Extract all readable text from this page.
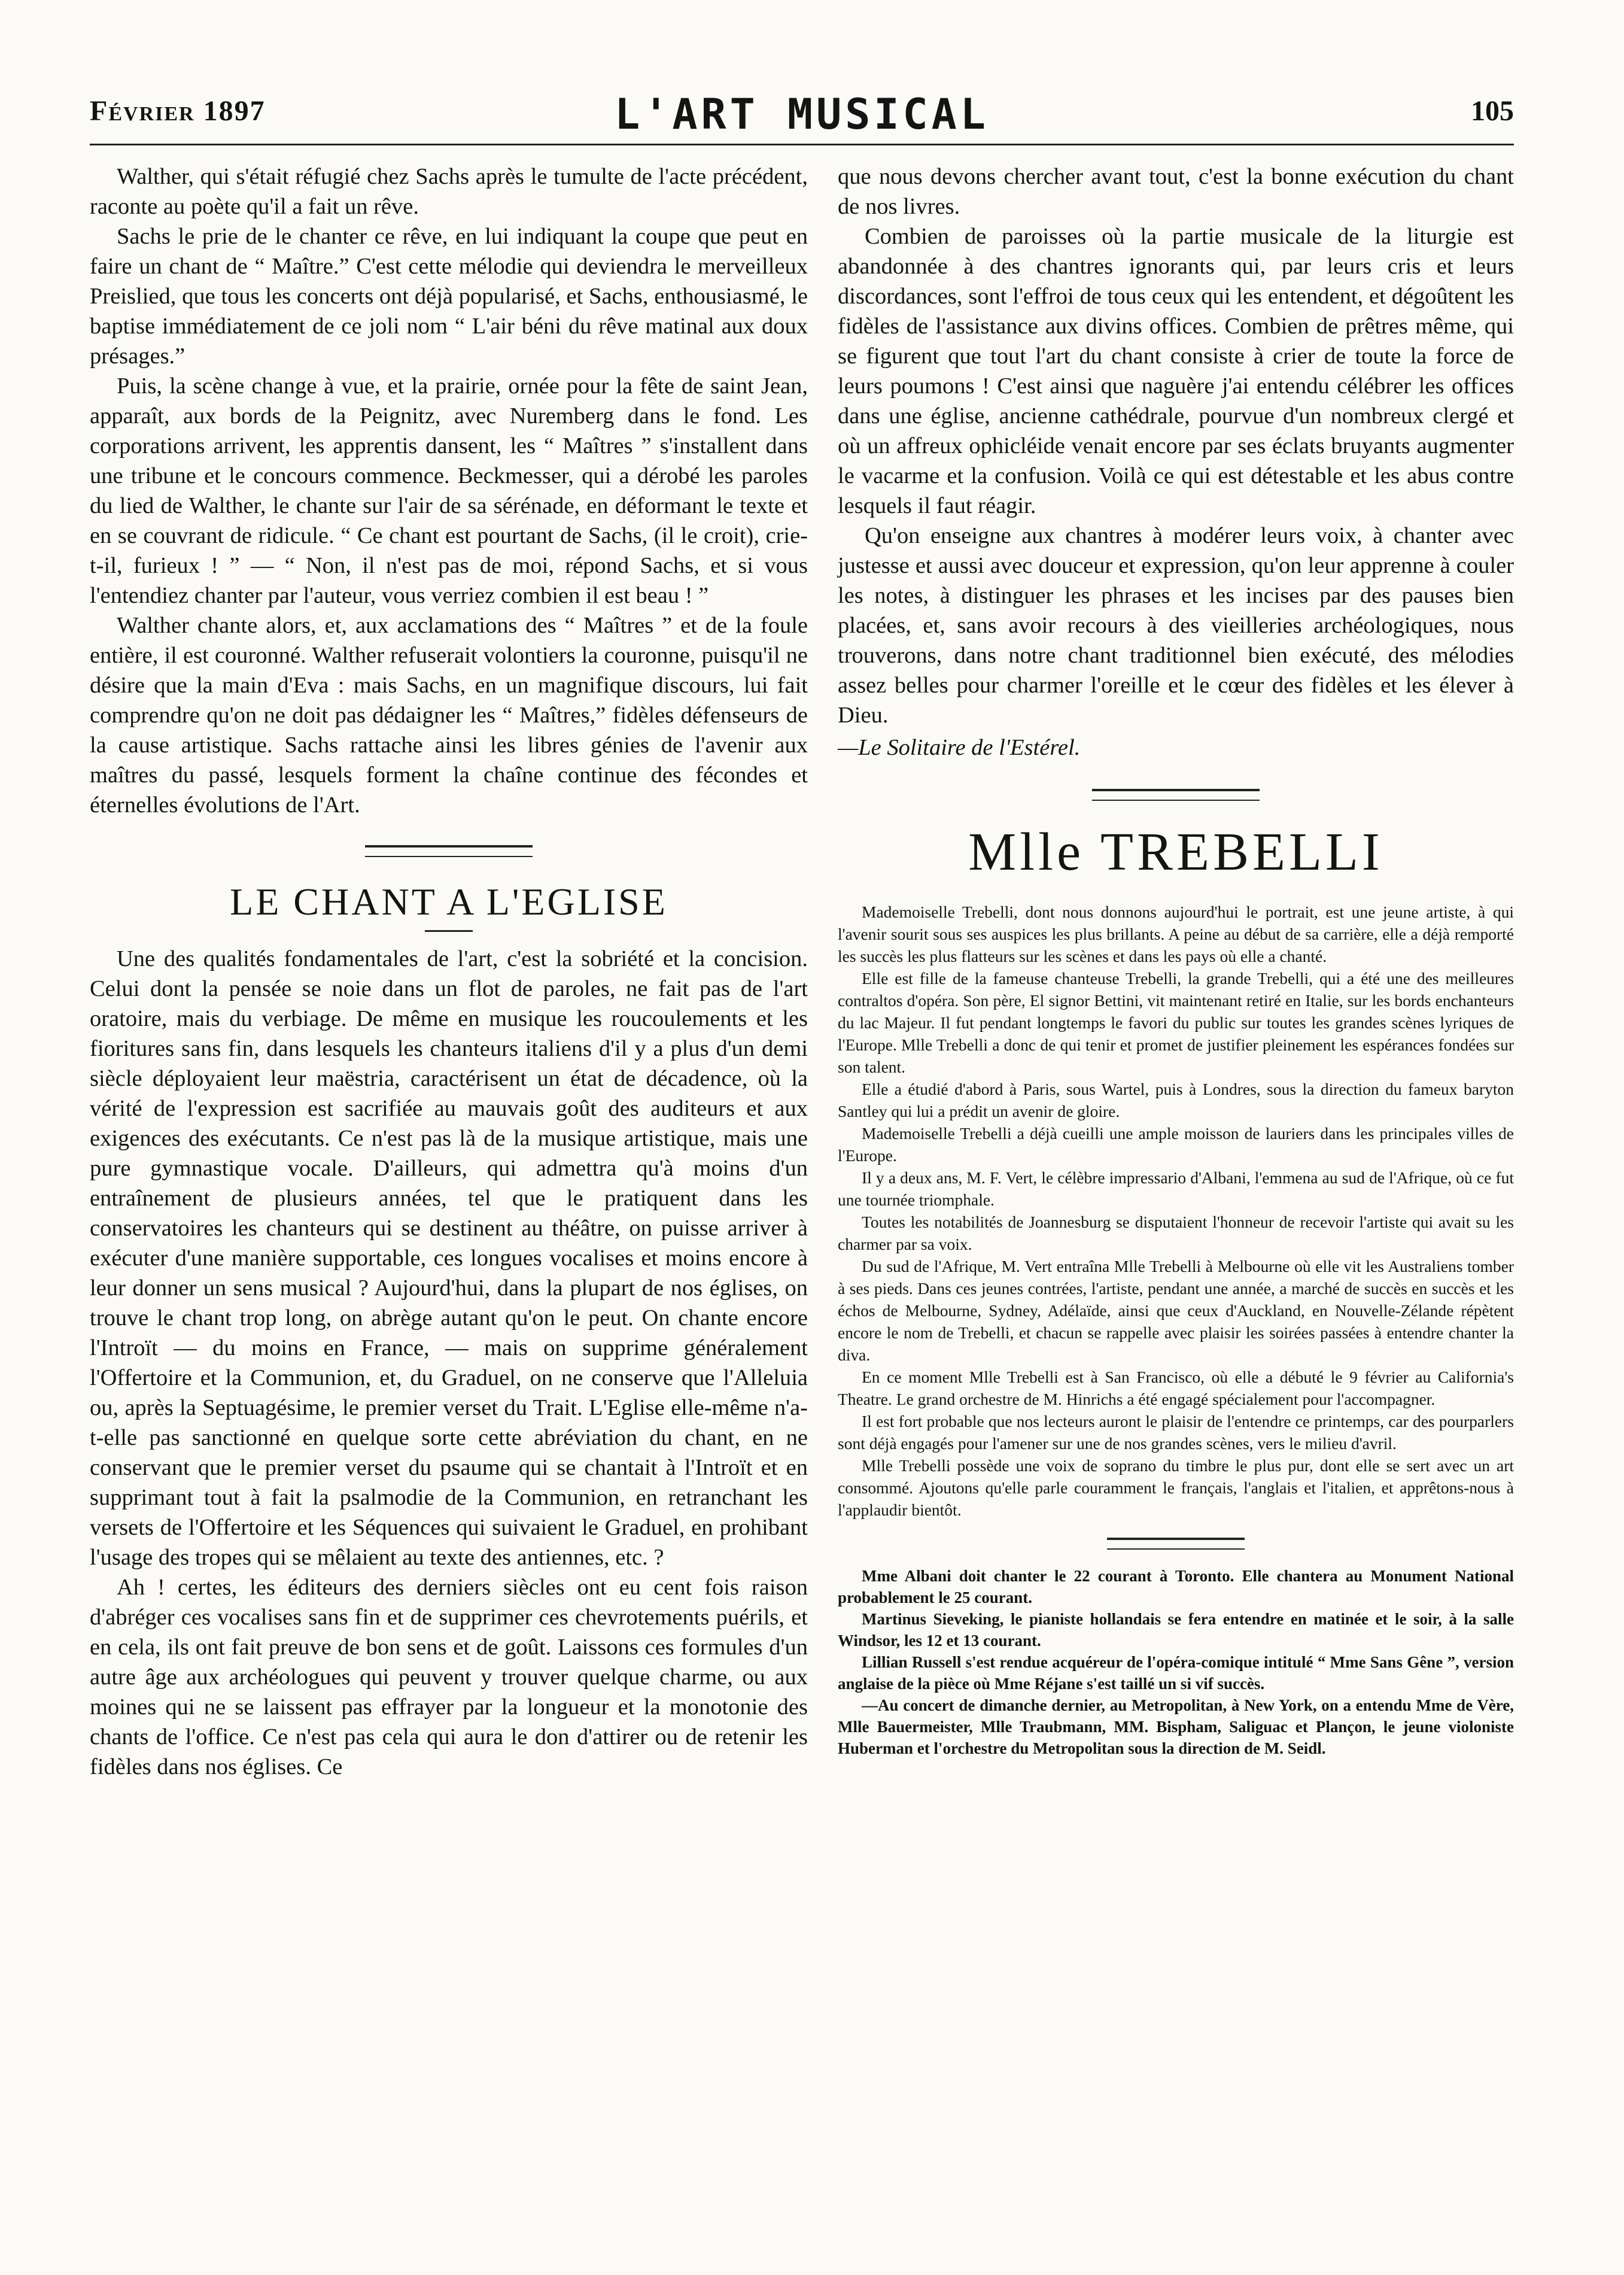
Février 1897	L'ART MUSICAL	105

Walther, qui s'était réfugié chez Sachs après le tumulte de l'acte précédent, raconte au poète qu'il a fait un rêve.

Sachs le prie de le chanter ce rêve, en lui indiquant la coupe que peut en faire un chant de “ Maître.” C'est cette mélodie qui deviendra le merveilleux Preislied, que tous les concerts ont déjà popularisé, et Sachs, enthousiasmé, le baptise immédiatement de ce joli nom “ L'air béni du rêve matinal aux doux présages.”

Puis, la scène change à vue, et la prairie, ornée pour la fête de saint Jean, apparaît, aux bords de la Peignitz, avec Nuremberg dans le fond. Les corporations arrivent, les apprentis dansent, les “ Maîtres ” s'installent dans une tribune et le concours commence. Beckmesser, qui a dérobé les paroles du lied de Walther, le chante sur l'air de sa sérénade, en déformant le texte et en se couvrant de ridicule. “ Ce chant est pourtant de Sachs, (il le croit), crie-t-il, furieux ! ” — “ Non, il n'est pas de moi, répond Sachs, et si vous l'entendiez chanter par l'auteur, vous verriez combien il est beau ! ”

Walther chante alors, et, aux acclamations des “ Maîtres ” et de la foule entière, il est couronné. Walther refuserait volontiers la couronne, puisqu'il ne désire que la main d'Eva : mais Sachs, en un magnifique discours, lui fait comprendre qu'on ne doit pas dédaigner les “ Maîtres,” fidèles défenseurs de la cause artistique. Sachs rattache ainsi les libres génies de l'avenir aux maîtres du passé, lesquels forment la chaîne continue des fécondes et éternelles évolutions de l'Art.

LE CHANT A L'EGLISE

Une des qualités fondamentales de l'art, c'est la sobriété et la concision. Celui dont la pensée se noie dans un flot de paroles, ne fait pas de l'art oratoire, mais du verbiage. De même en musique les roucoulements et les fioritures sans fin, dans lesquels les chanteurs italiens d'il y a plus d'un demi siècle déployaient leur maëstria, caractérisent un état de décadence, où la vérité de l'expression est sacrifiée au mauvais goût des auditeurs et aux exigences des exécutants. Ce n'est pas là de la musique artistique, mais une pure gymnastique vocale. D'ailleurs, qui admettra qu'à moins d'un entraînement de plusieurs années, tel que le pratiquent dans les conservatoires les chanteurs qui se destinent au théâtre, on puisse arriver à exécuter d'une manière supportable, ces longues vocalises et moins encore à leur donner un sens musical ? Aujourd'hui, dans la plupart de nos églises, on trouve le chant trop long, on abrège autant qu'on le peut. On chante encore l'Introït — du moins en France, — mais on supprime généralement l'Offertoire et la Communion, et, du Graduel, on ne conserve que l'Alleluia ou, après la Septuagésime, le premier verset du Trait. L'Eglise elle-même n'a-t-elle pas sanctionné en quelque sorte cette abréviation du chant, en ne conservant que le premier verset du psaume qui se chantait à l'Introït et en supprimant tout à fait la psalmodie de la Communion, en retranchant les versets de l'Offertoire et les Séquences qui suivaient le Graduel, en prohibant l'usage des tropes qui se mêlaient au texte des antiennes, etc. ?

Ah ! certes, les éditeurs des derniers siècles ont eu cent fois raison d'abréger ces vocalises sans fin et de supprimer ces chevrotements puérils, et en cela, ils ont fait preuve de bon sens et de goût. Laissons ces formules d'un autre âge aux archéologues qui peuvent y trouver quelque charme, ou aux moines qui ne se laissent pas effrayer par la longueur et la monotonie des chants de l'office. Ce n'est pas cela qui aura le don d'attirer ou de retenir les fidèles dans nos églises. Ce

que nous devons chercher avant tout, c'est la bonne exécution du chant de nos livres.

Combien de paroisses où la partie musicale de la liturgie est abandonnée à des chantres ignorants qui, par leurs cris et leurs discordances, sont l'effroi de tous ceux qui les entendent, et dégoûtent les fidèles de l'assistance aux divins offices. Combien de prêtres même, qui se figurent que tout l'art du chant consiste à crier de toute la force de leurs poumons ! C'est ainsi que naguère j'ai entendu célébrer les offices dans une église, ancienne cathédrale, pourvue d'un nombreux clergé et où un affreux ophicléide venait encore par ses éclats bruyants augmenter le vacarme et la confusion. Voilà ce qui est détestable et les abus contre lesquels il faut réagir.

Qu'on enseigne aux chantres à modérer leurs voix, à chanter avec justesse et aussi avec douceur et expression, qu'on leur apprenne à couler les notes, à distinguer les phrases et les incises par des pauses bien placées, et, sans avoir recours à des vieilleries archéologiques, nous trouverons, dans notre chant traditionnel bien exécuté, des mélodies assez belles pour charmer l'oreille et le cœur des fidèles et les élever à Dieu.

—Le Solitaire de l'Estérel.

Mlle TREBELLI

Mademoiselle Trebelli, dont nous donnons aujourd'hui le portrait, est une jeune artiste, à qui l'avenir sourit sous ses auspices les plus brillants. A peine au début de sa carrière, elle a déjà remporté les succès les plus flatteurs sur les scènes et dans les pays où elle a chanté.

Elle est fille de la fameuse chanteuse Trebelli, la grande Trebelli, qui a été une des meilleures contraltos d'opéra. Son père, El signor Bettini, vit maintenant retiré en Italie, sur les bords enchanteurs du lac Majeur. Il fut pendant longtemps le favori du public sur toutes les grandes scènes lyriques de l'Europe. Mlle Trebelli a donc de qui tenir et promet de justifier pleinement les espérances fondées sur son talent.

Elle a étudié d'abord à Paris, sous Wartel, puis à Londres, sous la direction du fameux baryton Santley qui lui a prédit un avenir de gloire.

Mademoiselle Trebelli a déjà cueilli une ample moisson de lauriers dans les principales villes de l'Europe.

Il y a deux ans, M. F. Vert, le célèbre impressario d'Albani, l'emmena au sud de l'Afrique, où ce fut une tournée triomphale.

Toutes les notabilités de Joannesburg se disputaient l'honneur de recevoir l'artiste qui avait su les charmer par sa voix.

Du sud de l'Afrique, M. Vert entraîna Mlle Trebelli à Melbourne où elle vit les Australiens tomber à ses pieds. Dans ces jeunes contrées, l'artiste, pendant une année, a marché de succès en succès et les échos de Melbourne, Sydney, Adélaïde, ainsi que ceux d'Auckland, en Nouvelle-Zélande répètent encore le nom de Trebelli, et chacun se rappelle avec plaisir les soirées passées à entendre chanter la diva.

En ce moment Mlle Trebelli est à San Francisco, où elle a débuté le 9 février au California's Theatre. Le grand orchestre de M. Hinrichs a été engagé spécialement pour l'accompagner.

Il est fort probable que nos lecteurs auront le plaisir de l'entendre ce printemps, car des pourparlers sont déjà engagés pour l'amener sur une de nos grandes scènes, vers le milieu d'avril.

Mlle Trebelli possède une voix de soprano du timbre le plus pur, dont elle se sert avec un art consommé. Ajoutons qu'elle parle couramment le français, l'anglais et l'italien, et apprêtons-nous à l'applaudir bientôt.

Mme Albani doit chanter le 22 courant à Toronto. Elle chantera au Monument National probablement le 25 courant.

Martinus Sieveking, le pianiste hollandais se fera entendre en matinée et le soir, à la salle Windsor, les 12 et 13 courant.

Lillian Russell s'est rendue acquéreur de l'opéra-comique intitulé “ Mme Sans Gêne ”, version anglaise de la pièce où Mme Réjane s'est taillé un si vif succès.

—Au concert de dimanche dernier, au Metropolitan, à New York, on a entendu Mme de Vère, Mlle Bauermeister, Mlle Traubmann, MM. Bispham, Saliguac et Plançon, le jeune violoniste Huberman et l'orchestre du Metropolitan sous la direction de M. Seidl.
